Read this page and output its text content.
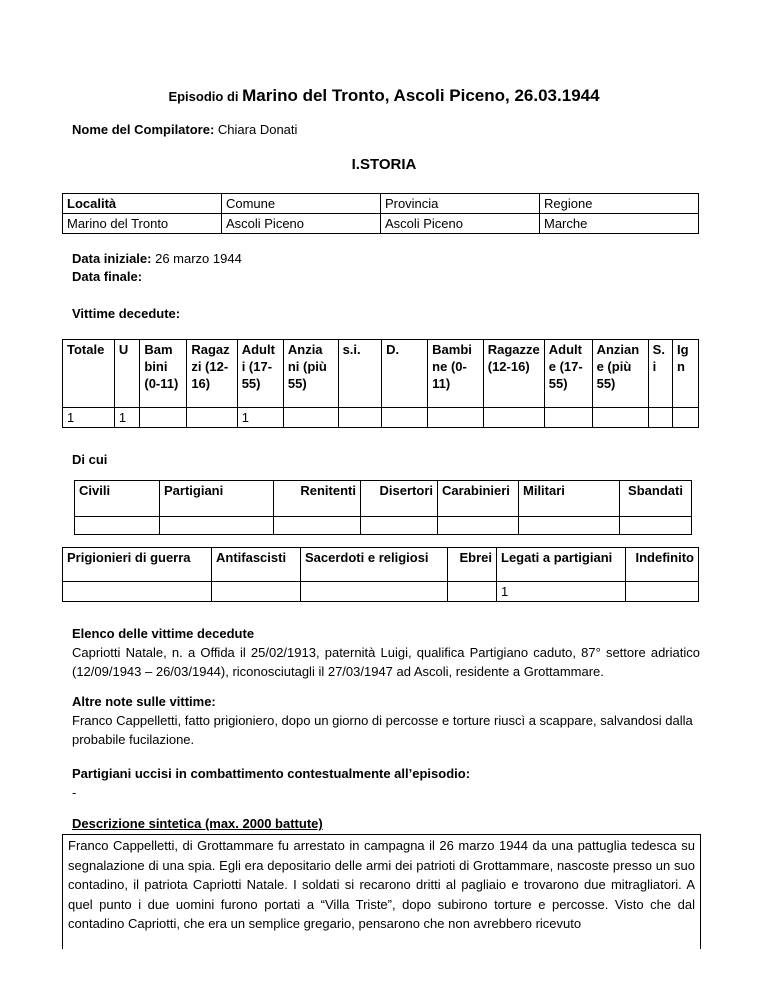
Episodio di Marino del Tronto, Ascoli Piceno, 26.03.1944
Nome del Compilatore: Chiara Donati
I.STORIA
Località	Comune	Provincia	Regione
Marino del Tronto	Ascoli Piceno	Ascoli Piceno	Marche
Data iniziale: 26 marzo 1944
Data finale:
Vittime decedute:
Totale	U	Bam bini (0-11)	Ragaz zi (12-16)	Adult i (17-55)	Anzia ni (più 55)	s.i.	D.	Bambi ne (0-11)	Ragazze (12-16)	Adult e (17-55)	Anzian e (più 55)	S. i	Ig n
1	1			1									
Di cui
Civili	Partigiani	Renitenti	Disertori	Carabinieri	Militari	Sbandati

Prigionieri di guerra	Antifascisti	Sacerdoti e religiosi	Ebrei	Legati a partigiani	Indefinito
				1	
Elenco delle vittime decedute
Capriotti Natale, n. a Offida il 25/02/1913, paternità Luigi, qualifica Partigiano caduto, 87° settore adriatico (12/09/1943 – 26/03/1944), riconosciutagli il 27/03/1947 ad Ascoli, residente a Grottammare.
Altre note sulle vittime:
Franco Cappelletti, fatto prigioniero, dopo un giorno di percosse e torture riuscì a scappare, salvandosi dalla probabile fucilazione.
Partigiani uccisi in combattimento contestualmente all’episodio:
-
Descrizione sintetica (max. 2000 battute)
Franco Cappelletti, di Grottammare fu arrestato in campagna il 26 marzo 1944 da una pattuglia tedesca su segnalazione di una spia. Egli era depositario delle armi dei patrioti di Grottammare, nascoste presso un suo contadino, il patriota Capriotti Natale. I soldati si recarono dritti al pagliaio e trovarono due mitragliatori. A quel punto i due uomini furono portati a “Villa Triste”, dopo subirono torture e percosse. Visto che dal contadino Capriotti, che era un semplice gregario, pensarono che non avrebbero ricevuto
